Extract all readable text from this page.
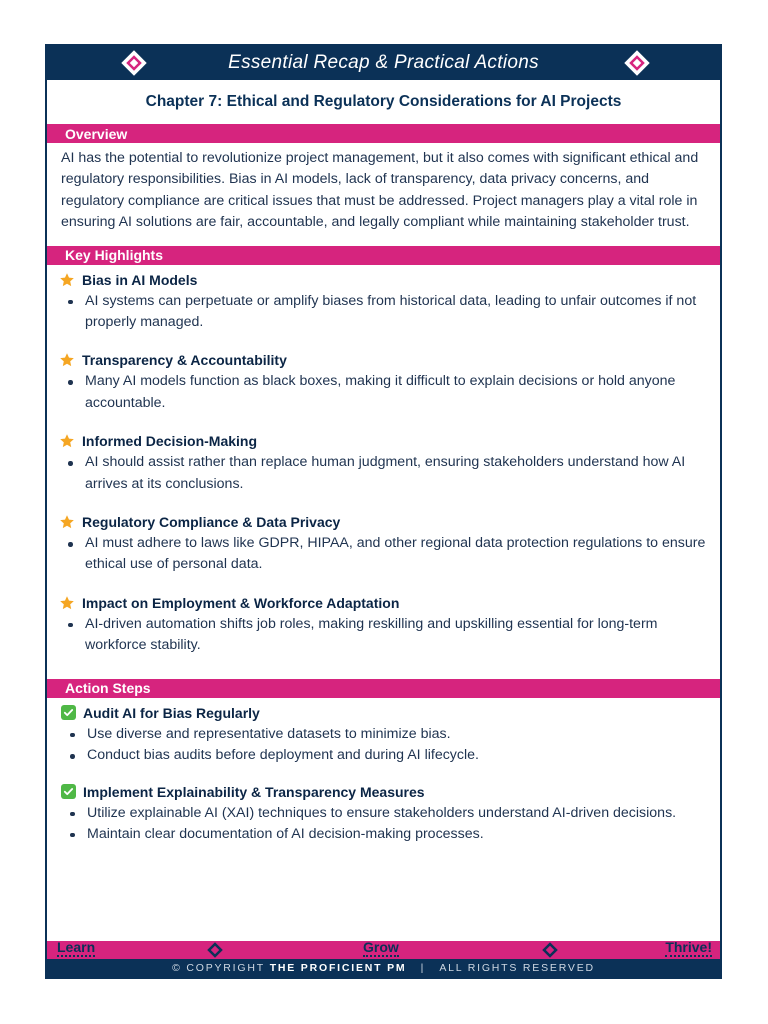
Essential Recap & Practical Actions
Chapter 7: Ethical and Regulatory Considerations for AI Projects
Overview
AI has the potential to revolutionize project management, but it also comes with significant ethical and regulatory responsibilities. Bias in AI models, lack of transparency, data privacy concerns, and regulatory compliance are critical issues that must be addressed. Project managers play a vital role in ensuring AI solutions are fair, accountable, and legally compliant while maintaining stakeholder trust.
Key Highlights
Bias in AI Models
AI systems can perpetuate or amplify biases from historical data, leading to unfair outcomes if not properly managed.
Transparency & Accountability
Many AI models function as black boxes, making it difficult to explain decisions or hold anyone accountable.
Informed Decision-Making
AI should assist rather than replace human judgment, ensuring stakeholders understand how AI arrives at its conclusions.
Regulatory Compliance & Data Privacy
AI must adhere to laws like GDPR, HIPAA, and other regional data protection regulations to ensure ethical use of personal data.
Impact on Employment & Workforce Adaptation
AI-driven automation shifts job roles, making reskilling and upskilling essential for long-term workforce stability.
Action Steps
Audit AI for Bias Regularly
Use diverse and representative datasets to minimize bias.
Conduct bias audits before deployment and during AI lifecycle.
Implement Explainability & Transparency Measures
Utilize explainable AI (XAI) techniques to ensure stakeholders understand AI-driven decisions.
Maintain clear documentation of AI decision-making processes.
Learn	Grow	Thrive!
© COPYRIGHT
THE PROFICIENT PM
|
ALL RIGHTS RESERVED
